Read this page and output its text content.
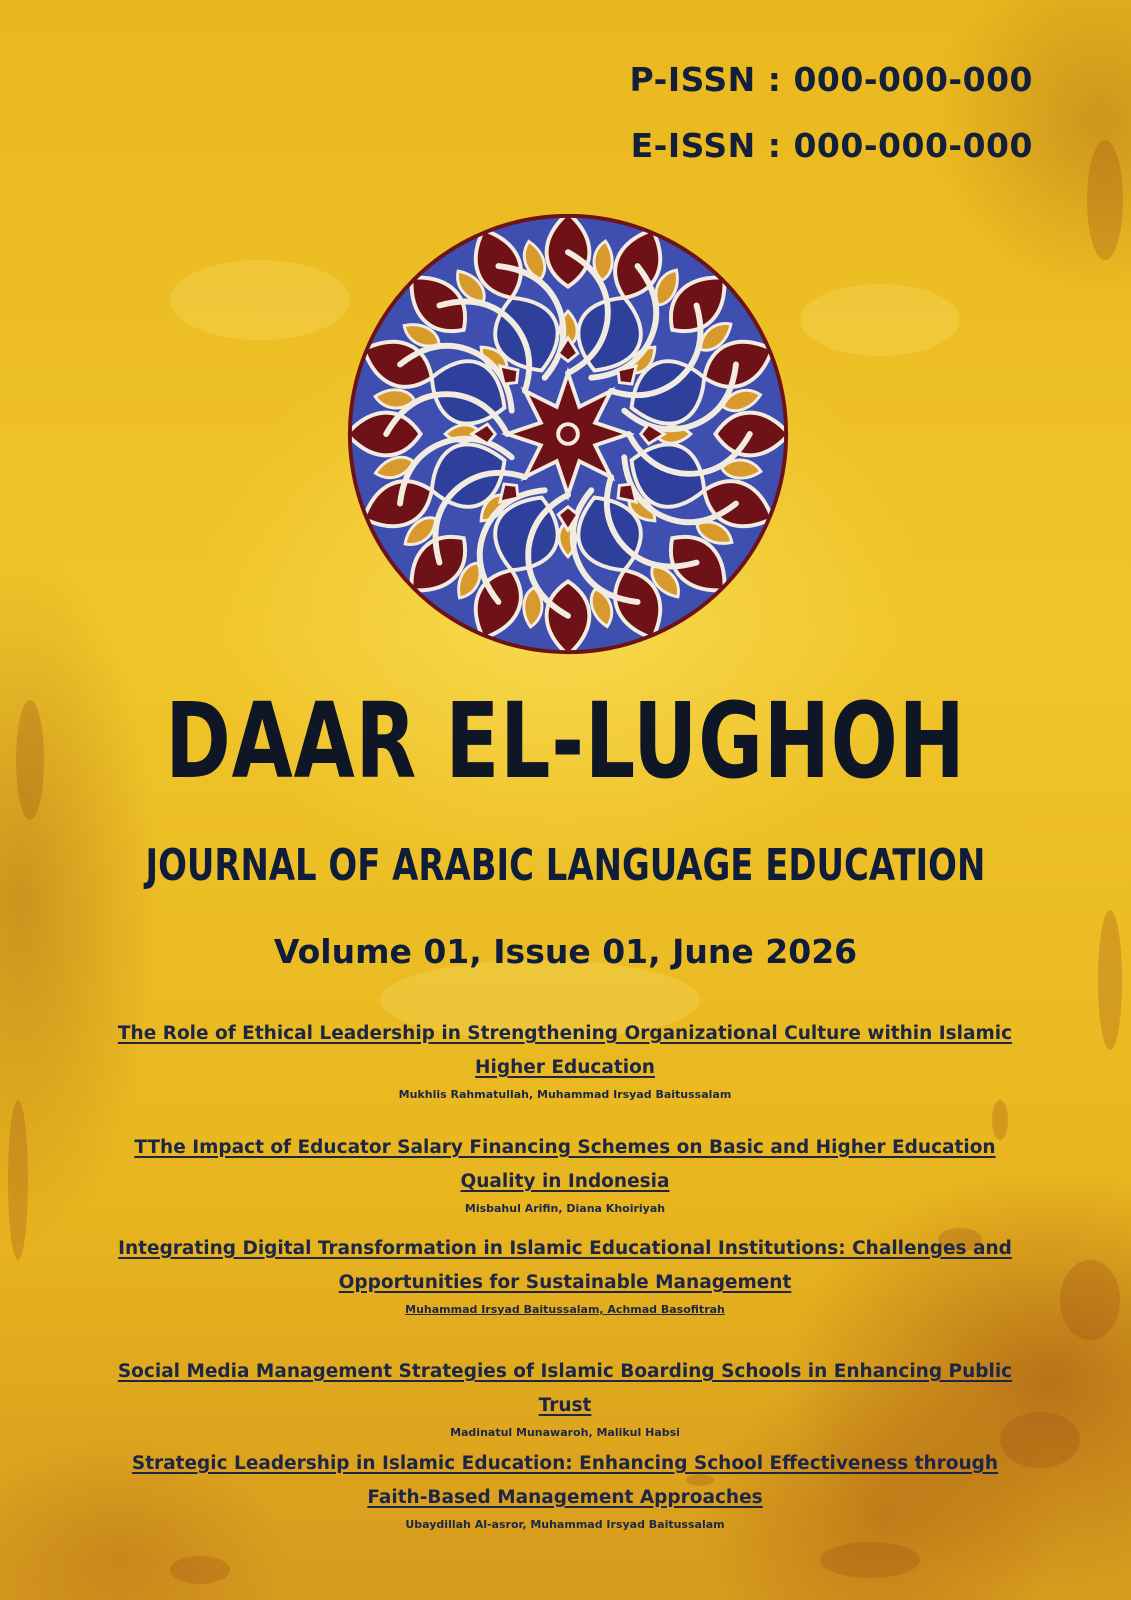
P-ISSN : 000-000-000
E-ISSN : 000-000-000
DAAR EL-LUGHOH
JOURNAL OF ARABIC LANGUAGE EDUCATION
Volume 01, Issue 01, June 2026
The Role of Ethical Leadership in Strengthening Organizational Culture within Islamic
Higher Education
Mukhlis Rahmatullah, Muhammad Irsyad Baitussalam
TThe Impact of Educator Salary Financing Schemes on Basic and Higher Education
Quality in Indonesia
Misbahul Arifin, Diana Khoiriyah
Integrating Digital Transformation in Islamic Educational Institutions: Challenges and
Opportunities for Sustainable Management
Muhammad Irsyad Baitussalam, Achmad Basofitrah
Social Media Management Strategies of Islamic Boarding Schools in Enhancing Public
Trust
Madinatul Munawaroh, Malikul Habsi
Strategic Leadership in Islamic Education: Enhancing School Effectiveness through
Faith-Based Management Approaches
Ubaydillah Al-asror, Muhammad Irsyad Baitussalam
